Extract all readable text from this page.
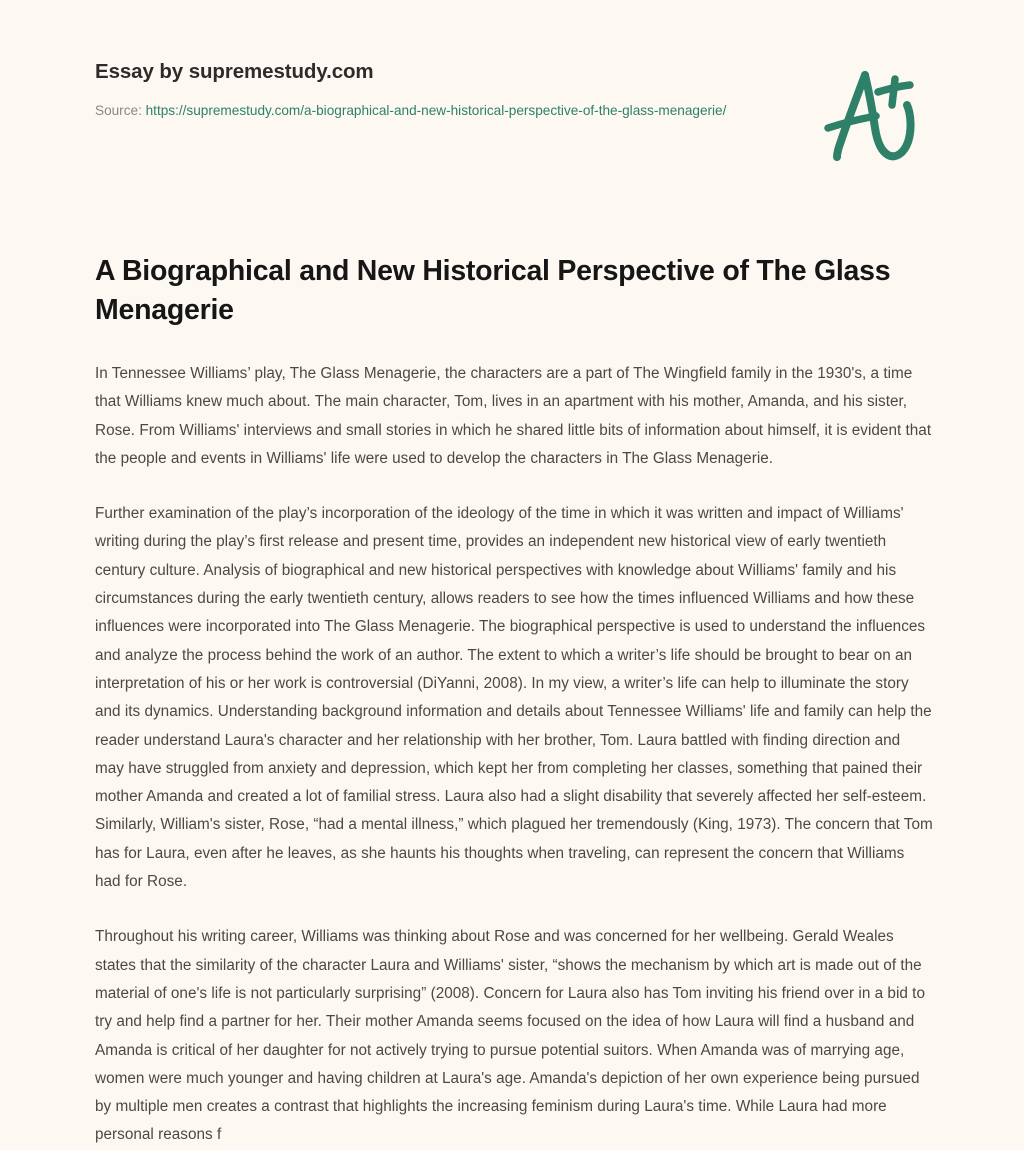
Essay by supremestudy.com

Source: https://supremestudy.com/a-biographical-and-new-historical-perspective-of-the-glass-menagerie/

A Biographical and New Historical Perspective of The Glass Menagerie

In Tennessee Williams’ play, The Glass Menagerie, the characters are a part of The Wingfield family in the 1930's, a time that Williams knew much about. The main character, Tom, lives in an apartment with his mother, Amanda, and his sister, Rose. From Williams' interviews and small stories in which he shared little bits of information about himself, it is evident that the people and events in Williams' life were used to develop the characters in The Glass Menagerie.

Further examination of the play’s incorporation of the ideology of the time in which it was written and impact of Williams' writing during the play’s first release and present time, provides an independent new historical view of early twentieth century culture. Analysis of biographical and new historical perspectives with knowledge about Williams' family and his circumstances during the early twentieth century, allows readers to see how the times influenced Williams and how these influences were incorporated into The Glass Menagerie. The biographical perspective is used to understand the influences and analyze the process behind the work of an author. The extent to which a writer’s life should be brought to bear on an interpretation of his or her work is controversial (DiYanni, 2008). In my view, a writer’s life can help to illuminate the story and its dynamics. Understanding background information and details about Tennessee Williams' life and family can help the reader understand Laura's character and her relationship with her brother, Tom. Laura battled with finding direction and may have struggled from anxiety and depression, which kept her from completing her classes, something that pained their mother Amanda and created a lot of familial stress. Laura also had a slight disability that severely affected her self-esteem. Similarly, William's sister, Rose, “had a mental illness,” which plagued her tremendously (King, 1973). The concern that Tom has for Laura, even after he leaves, as she haunts his thoughts when traveling, can represent the concern that Williams had for Rose.

Throughout his writing career, Williams was thinking about Rose and was concerned for her wellbeing. Gerald Weales states that the similarity of the character Laura and Williams' sister, “shows the mechanism by which art is made out of the material of one's life is not particularly surprising” (2008). Concern for Laura also has Tom inviting his friend over in a bid to try and help find a partner for her. Their mother Amanda seems focused on the idea of how Laura will find a husband and Amanda is critical of her daughter for not actively trying to pursue potential suitors. When Amanda was of marrying age, women were much younger and having children at Laura's age. Amanda's depiction of her own experience being pursued by multiple men creates a contrast that highlights the increasing feminism during Laura's time. While Laura had more personal reasons f
